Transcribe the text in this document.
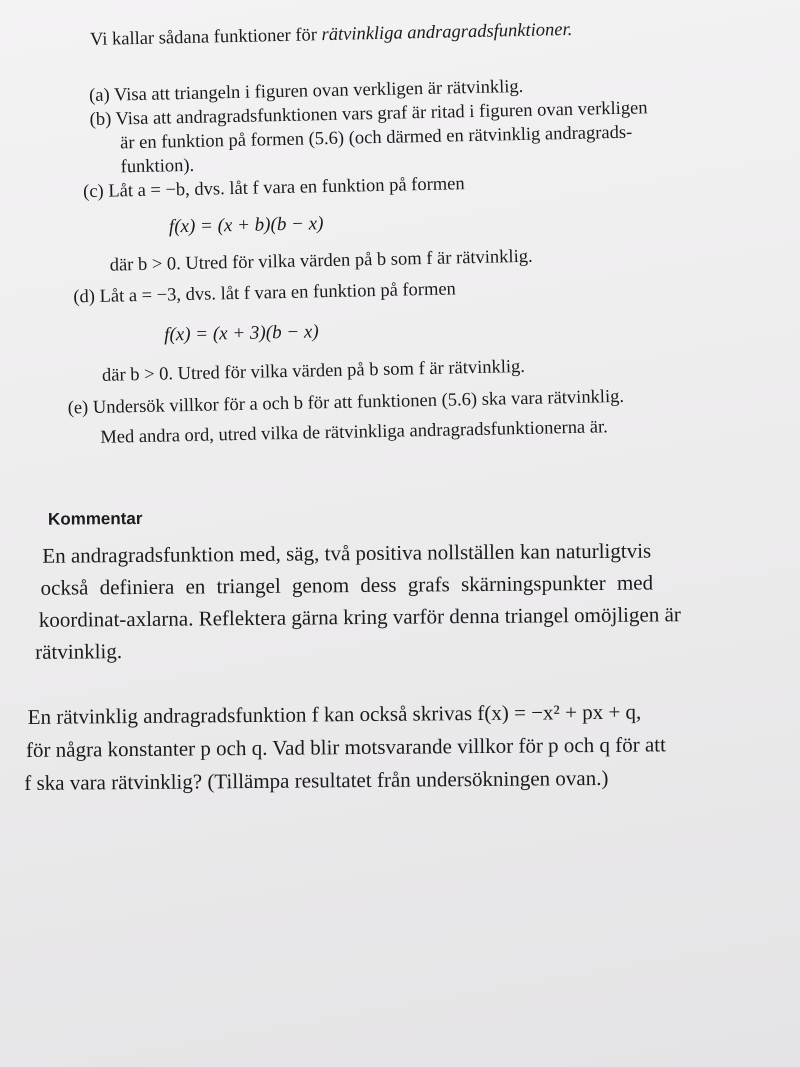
Vi kallar sådana funktioner för rätvinkliga andragradsfunktioner.
(a) Visa att triangeln i figuren ovan verkligen är rätvinklig.
(b) Visa att andragradsfunktionen vars graf är ritad i figuren ovan verkligen
är en funktion på formen (5.6) (och därmed en rätvinklig andragrads-
funktion).
(c) Låt a = −b, dvs. låt f vara en funktion på formen
f(x) = (x + b)(b − x)
där b > 0. Utred för vilka värden på b som f är rätvinklig.
(d) Låt a = −3, dvs. låt f vara en funktion på formen
f(x) = (x + 3)(b − x)
där b > 0. Utred för vilka värden på b som f är rätvinklig.
(e) Undersök villkor för a och b för att funktionen (5.6) ska vara rätvinklig.
Med andra ord, utred vilka de rätvinkliga andragradsfunktionerna är.
Kommentar
En andragradsfunktion med, säg, två positiva nollställen kan naturligtvis
också definiera en triangel genom dess grafs skärningspunkter med
koordinat-axlarna. Reflektera gärna kring varför denna triangel omöjligen är
rätvinklig.
En rätvinklig andragradsfunktion f kan också skrivas f(x) = −x² + px + q,
för några konstanter p och q. Vad blir motsvarande villkor för p och q för att
f ska vara rätvinklig? (Tillämpa resultatet från undersökningen ovan.)
